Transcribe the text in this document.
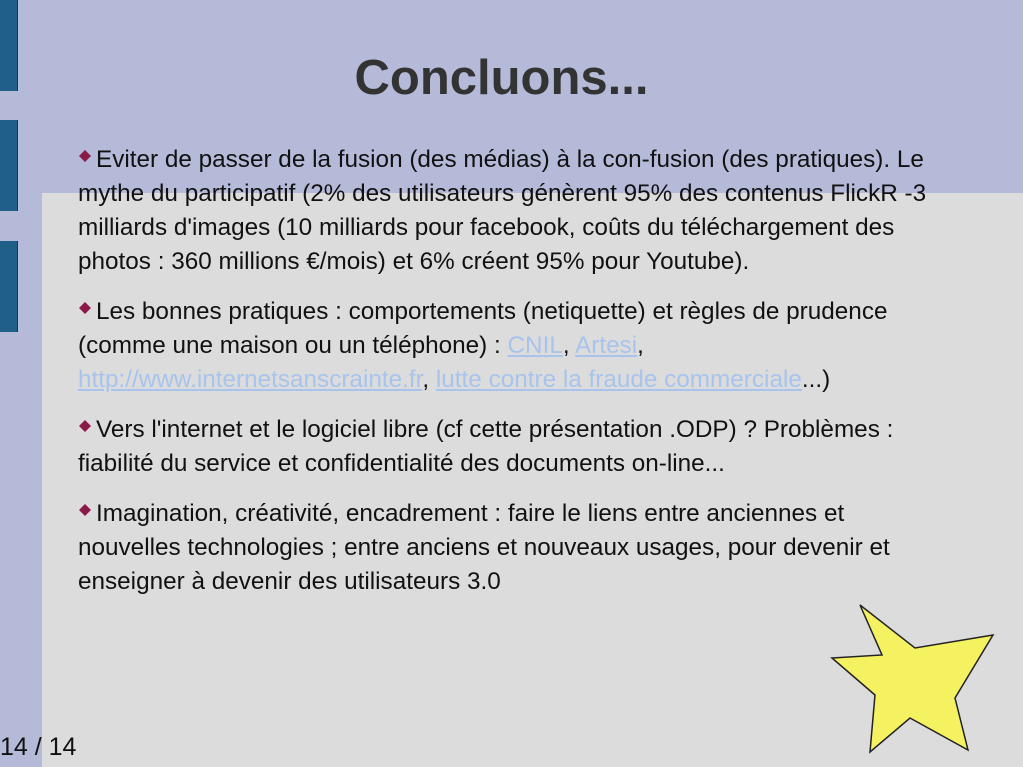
Concluons...

Eviter de passer de la fusion (des médias) à la con-fusion (des pratiques). Le mythe du participatif (2% des utilisateurs génèrent 95% des contenus FlickR -3 milliards d'images (10 milliards pour facebook, coûts du téléchargement des photos : 360 millions €/mois) et 6% créent 95% pour Youtube).

Les bonnes pratiques : comportements (netiquette) et règles de prudence (comme une maison ou un téléphone) : CNIL, Artesi, http://www.internetsanscrainte.fr, lutte contre la fraude commerciale...)

Vers l'internet et le logiciel libre (cf cette présentation .ODP) ? Problèmes : fiabilité du service et confidentialité des documents on-line...

Imagination, créativité, encadrement : faire le liens entre anciennes et nouvelles technologies ; entre anciens et nouveaux usages, pour devenir et enseigner à devenir des utilisateurs 3.0

14 / 14
